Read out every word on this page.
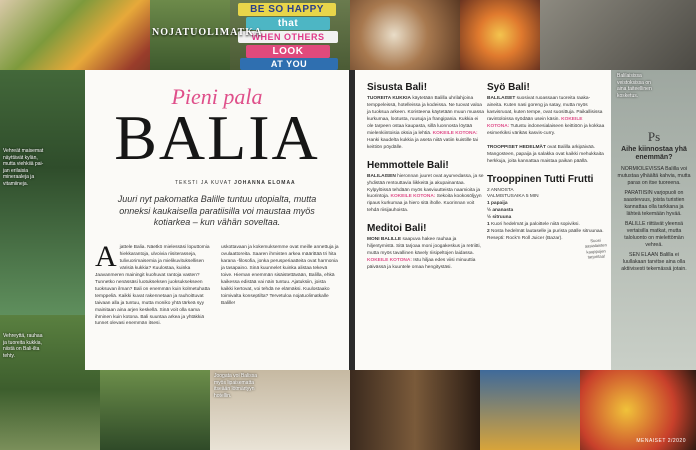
BE SO HAPPY
that
WHEN OTHERS
LOOK
AT YOU
NOJATUOLIMATKA
Vehreät maisemat näyttävät kylän, mutta viehkiiä pai-jan erilaisia mineraaleja ja vitamiineja.
Vehreyttä, rauhaa ja tuoreita kukkia, niistä on Bali-ilta tehty.
Balilaisissa veistoksissa on aina taiteellinen kosketus.
Joogata voi Balissa myös lipaisematta itseään lötmärtyyn hotellin.
Pieni pala
BALIA
TEKSTI JA KUVAT JOHANNA ELOMAA
Juuri nyt pakomatka Balille tuntuu utopialta, mutta onneksi kaukaisella paratiisilla voi maustaa myös kotiarkea – kun vähän soveltaa.
A jattele Balia. Näetkö mielessäsi loputtomia hiekkarantoja, ulvoivia riisiterasseja, tulivuorimaisemia ja mielikuvituksellisen värisiä kukkia? Kuulostaa, kuinka Jaavanmeren mainingit kuohuvat rantoja vasten? Tunnetko nenässäsi luotukseksen juoksuksekseen tuoksuvan ilman? Bali on enemmän kuin kolmetuhatta temppeliä. Kaikki kuvat rakennetaan ja rauhoittuvat taivaan alla ja tuntuu, mutta moniko yhtä tärkeä syy mainitaan aina arjen keskellä. Sinä voit olla sama ihminen kuin kotona. Bali suuntaa arkea ja yhtäkkiä tunnet olevasi enemmän itsesi.
uskottavaan ja kokemuksemme ovat meille annettuja ja ovulaattoreita. Saaren ihmisten arkea määrittää tri hita karana -filosofia, jonka perusperiaatteita ovat harmonia ja tasapaino. Sinä kuunnelet kuinka alistaa tekevä toive. Hieman enemmän sisäistettävään, Balilla, ehkä kaikessa edistää vai näin tuntuu. Ajatuksiin, joista kaikki kertovat, voi tehdä ne elämäksi. Kuulostaako toimivalta konseptilta? Tervetuloa nojatuolimatkalle Balille!
Sisusta Bali!
TUOREITA KUKKIA käytetään Balilla uhrilahjoina temppeleissä, hotelleissa ja kodeissa. Ne tuovat valoa ja tuoksua arkeen. Koristeena käytetään muun muassa kurkumaa, lootusta, ruusuja ja frangipania. Kukkia ei ole tarpeen ostaa kaupasta, sillä luonnosta löytää mielenkiintoisia oksia ja lehtiä. KOKEILE KOTONA: Hanki kaudelta kukkia ja aseta niitä vatiin kuistille tai keittiön pöydälle.
Hemmottele Bali!
BALILAISEN hieronnan juuret ovat ayurvedassa, ja se yhdistää rentouttavia liikkeitä ja akupainantaa. Kylpylöissä tehdään myös kasviuutteista naamioita ja kuorintoja. KOKEILE KOTONA: Sekoita kookosöljyyn ripaus kurkumaa ja hiero sitä iholle. Kuorinnan voit tehdä riisijauhoista.
Meditoi Bali!
MONI BALILLE saapuva hakee rauhaa ja hiljentymistä. Sitä tarjoaa moni joogakeskus ja retriitti, mutta myös tavallinen kävely riisipeltojen laidassa. KOKEILE KOTONA: Istu hiljaa edes viisi minuuttia päivässä ja kuuntele omaa hengitystäsi.
Syö Bali!
BALILAISET suosivat ruoassaan tuoreita raaka-aineita. Kuten nasi goreng ja satay, mutta myös kasvisruoat, kuten tempe, ovat suosittuja. Paikallisissa ravintoloissa syödään usein käsin. KOKEILE KOTONA: Tutustu indonesialaiseen keittiöön ja kokkaa esimerkiksi värikäs kasvis-curry.

TROOPPISET HEDELMÄT ovat Balilla arkipäivää. Mangosteen, papaija ja salakka ovat kaikki mehukkaita herkkuja, joita kannattaa maistaa paikan päällä.
Trooppinen Tutti Frutti
2 ANNOSTA
VALMISTUSAIKA 5 MIN
1 papaija
½ ananasta
½ sitruuna
1 Kuori hedelmät ja paloittele niitä sopiviksi.
2 Nosta hedelmät lautaselle ja purista päälle sitruunaa.
Resepti: Rock'n Roll Juicer (Bazar).	Suosi aasialaisten kauppojen tarjontaa!
Ps
Aihe kiinnostaa yhä enemmän?
NORMIOLEVISSA Balilla voi mutustaa ylhäältä kahvia, mutta paras on itse tuoreena.
PARATIISIN varjopuoli on saastevuus, joista turistien kannattaa olla tarkkana ja lähteä tekemään hyvää.
BALILLE riittävät yleensä vertaisilla matkat, mutta taloluonto on mielettömän vehreä.
SEN ELAAN Balilla ei luullakaan tarvitse aina olla aktiivisesti tekemässä jotain.
MENAISET 2/2020
